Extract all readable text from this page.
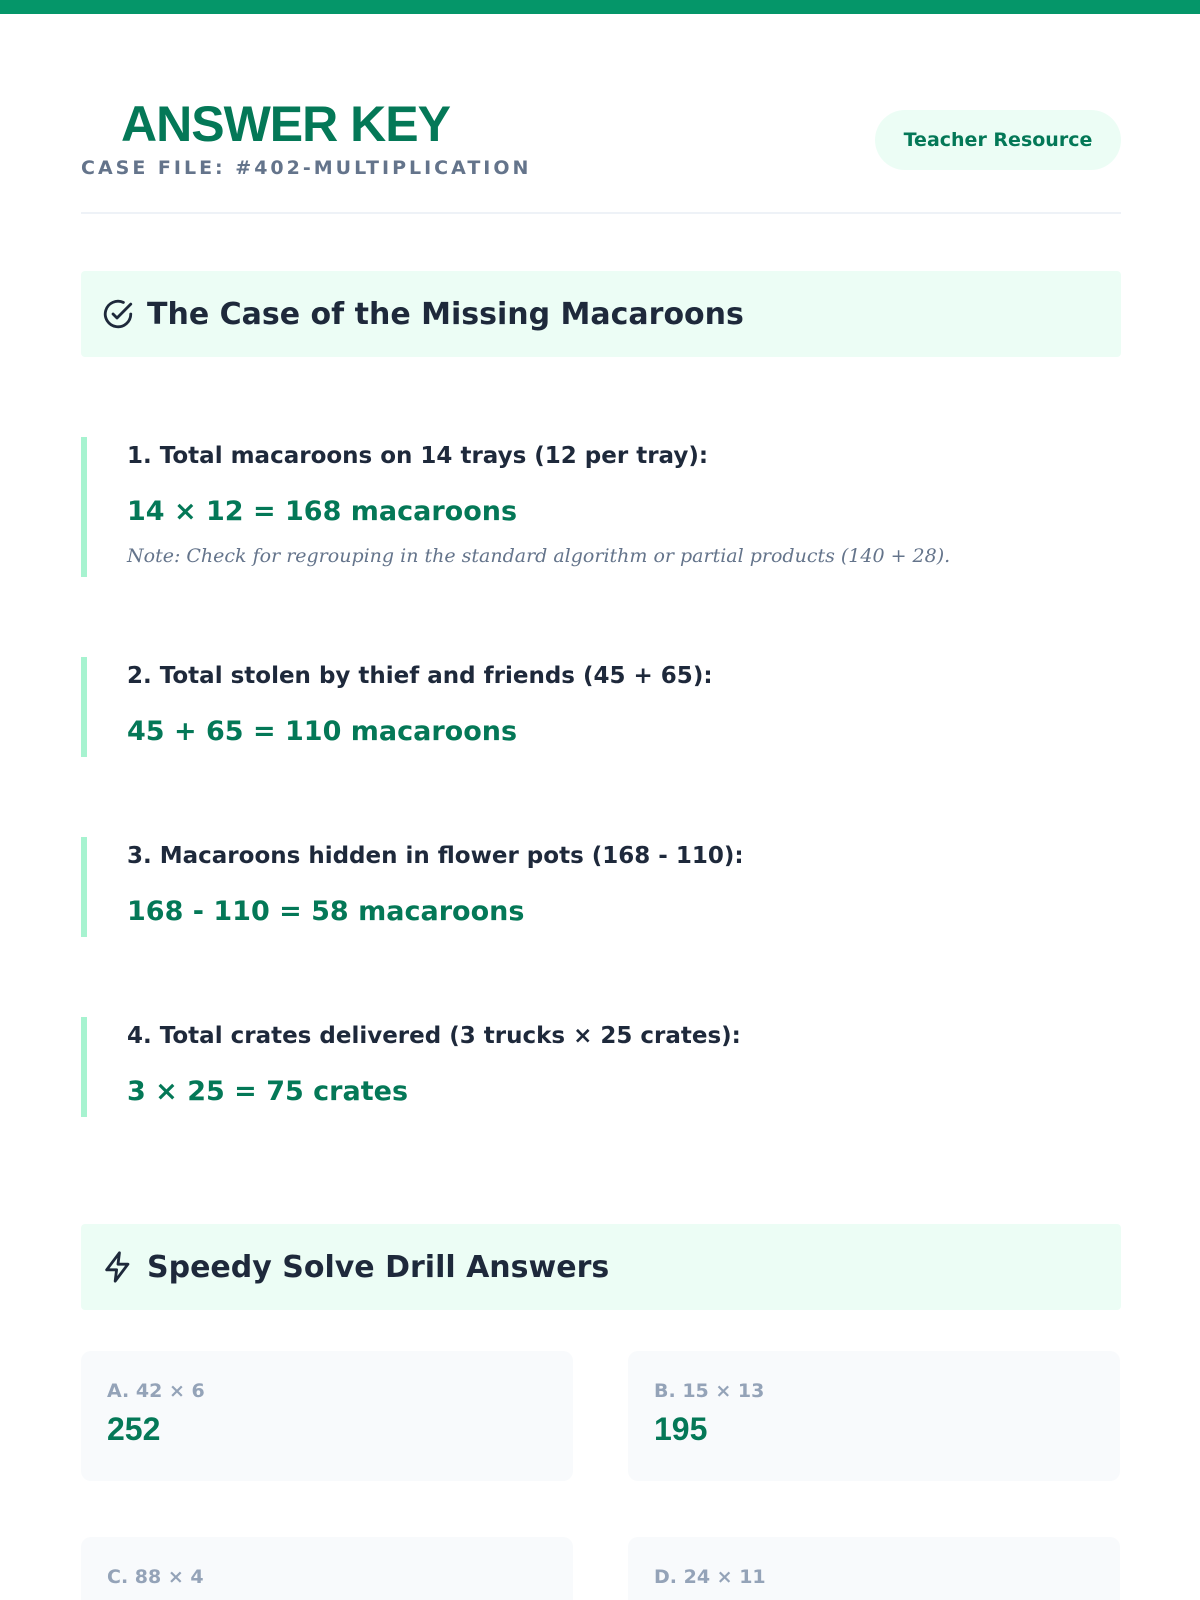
ANSWER KEY
CASE FILE: #402-MULTIPLICATION
Teacher Resource
The Case of the Missing Macaroons
1. Total macaroons on 14 trays (12 per tray):
14 × 12 = 168 macaroons
Note: Check for regrouping in the standard algorithm or partial products (140 + 28).
2. Total stolen by thief and friends (45 + 65):
45 + 65 = 110 macaroons
3. Macaroons hidden in flower pots (168 - 110):
168 - 110 = 58 macaroons
4. Total crates delivered (3 trucks × 25 crates):
3 × 25 = 75 crates
Speedy Solve Drill Answers
A. 42 × 6
252
B. 15 × 13
195
C. 88 × 4	D. 24 × 11
